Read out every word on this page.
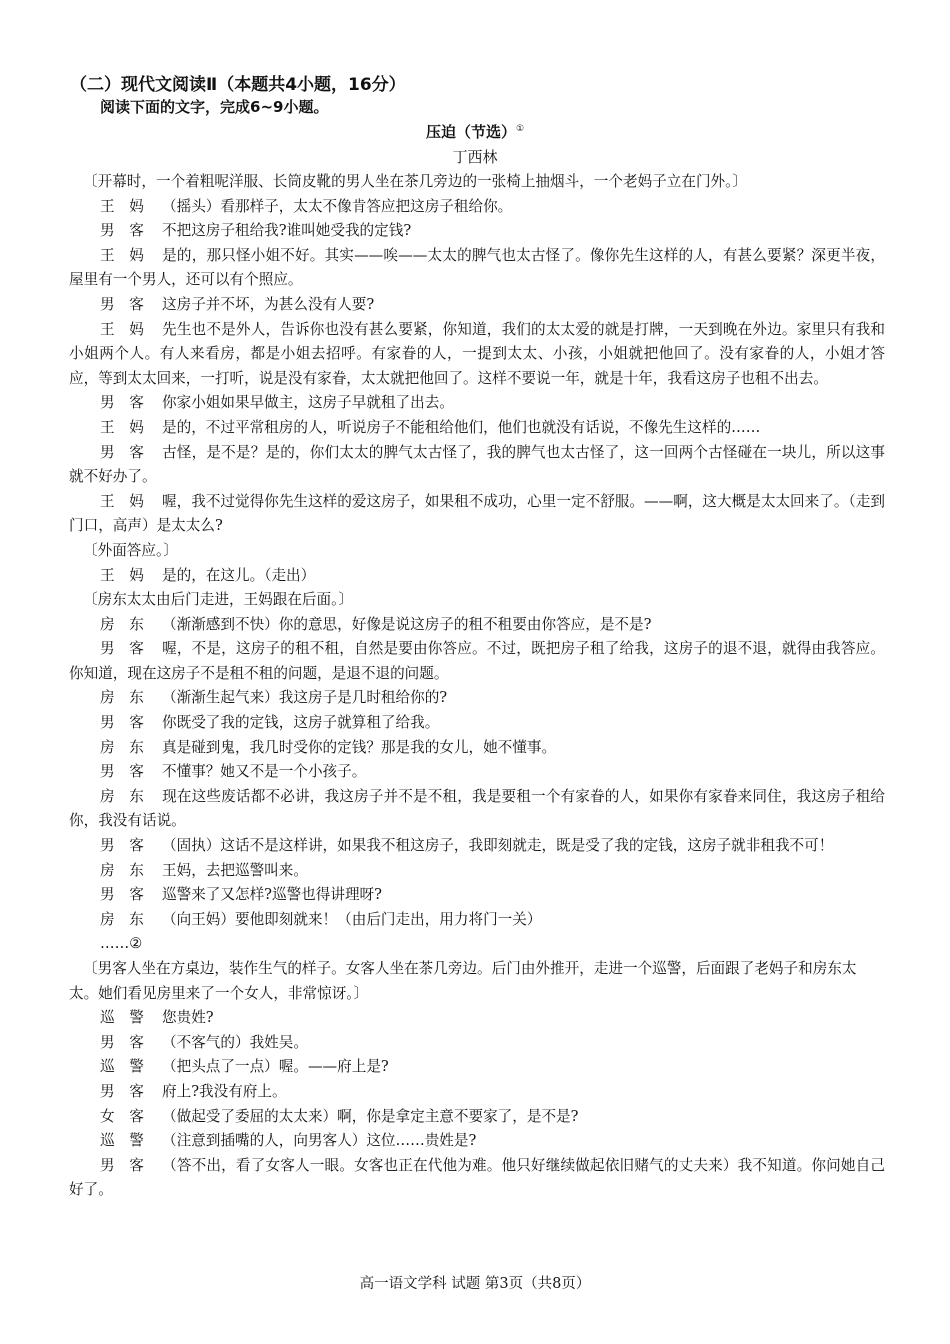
（二）现代文阅读Ⅱ（本题共4小题，16分）
阅读下面的文字，完成6~9小题。
压迫（节选）①
丁西林

〔开幕时，一个着粗呢洋服、长筒皮靴的男人坐在茶几旁边的一张椅上抽烟斗，一个老妈子立在门外。〕

王　妈 （摇头）看那样子，太太不像肯答应把这房子租给你。

男　客 不把这房子租给我?谁叫她受我的定钱?

王　妈 是的，那只怪小姐不好。其实——唉——太太的脾气也太古怪了。像你先生这样的人，有甚么要紧？深更半夜，屋里有一个男人，还可以有个照应。

男　客 这房子并不坏，为甚么没有人要?

王　妈 先生也不是外人，告诉你也没有甚么要紧，你知道，我们的太太爱的就是打牌，一天到晚在外边。家里只有我和小姐两个人。有人来看房，都是小姐去招呼。有家眷的人，一提到太太、小孩，小姐就把他回了。没有家眷的人，小姐才答应，等到太太回来，一打听，说是没有家眷，太太就把他回了。这样不要说一年，就是十年，我看这房子也租不出去。

男　客 你家小姐如果早做主，这房子早就租了出去。

王　妈 是的，不过平常租房的人，听说房子不能租给他们，他们也就没有话说，不像先生这样的……

男　客 古怪，是不是？是的，你们太太的脾气太古怪了，我的脾气也太古怪了，这一回两个古怪碰在一块儿，所以这事就不好办了。

王　妈 喔，我不过觉得你先生这样的爱这房子，如果租不成功，心里一定不舒服。——啊，这大概是太太回来了。（走到门口，高声）是太太么?

〔外面答应。〕

王　妈 是的，在这儿。（走出）

〔房东太太由后门走进，王妈跟在后面。〕

房　东 （渐渐感到不快）你的意思，好像是说这房子的租不租要由你答应，是不是?

男　客 喔，不是，这房子的租不租，自然是要由你答应。不过，既把房子租了给我，这房子的退不退，就得由我答应。你知道，现在这房子不是租不租的问题，是退不退的问题。

房　东 （渐渐生起气来）我这房子是几时租给你的?

男　客 你既受了我的定钱，这房子就算租了给我。

房　东 真是碰到鬼，我几时受你的定钱？那是我的女儿，她不懂事。

男　客 不懂事？她又不是一个小孩子。

房　东 现在这些废话都不必讲，我这房子并不是不租，我是要租一个有家眷的人，如果你有家眷来同住，我这房子租给你，我没有话说。

男　客 （固执）这话不是这样讲，如果我不租这房子，我即刻就走，既是受了我的定钱，这房子就非租我不可！

房　东 王妈，去把巡警叫来。

男　客 巡警来了又怎样?巡警也得讲理呀?

房　东 （向王妈）要他即刻就来！（由后门走出，用力将门一关）

……②

〔男客人坐在方桌边，装作生气的样子。女客人坐在茶几旁边。后门由外推开，走进一个巡警，后面跟了老妈子和房东太太。她们看见房里来了一个女人，非常惊讶。〕

巡　警 您贵姓?

男　客 （不客气的）我姓吴。

巡　警 （把头点了一点）喔。——府上是?

男　客 府上?我没有府上。

女　客 （做起受了委屈的太太来）啊，你是拿定主意不要家了，是不是?

巡　警 （注意到插嘴的人，向男客人）这位……贵姓是?

男　客 （答不出，看了女客人一眼。女客也正在代他为难。他只好继续做起依旧赌气的丈夫来）我不知道。你问她自己好了。

高一语文学科 试题 第3页（共8页）
